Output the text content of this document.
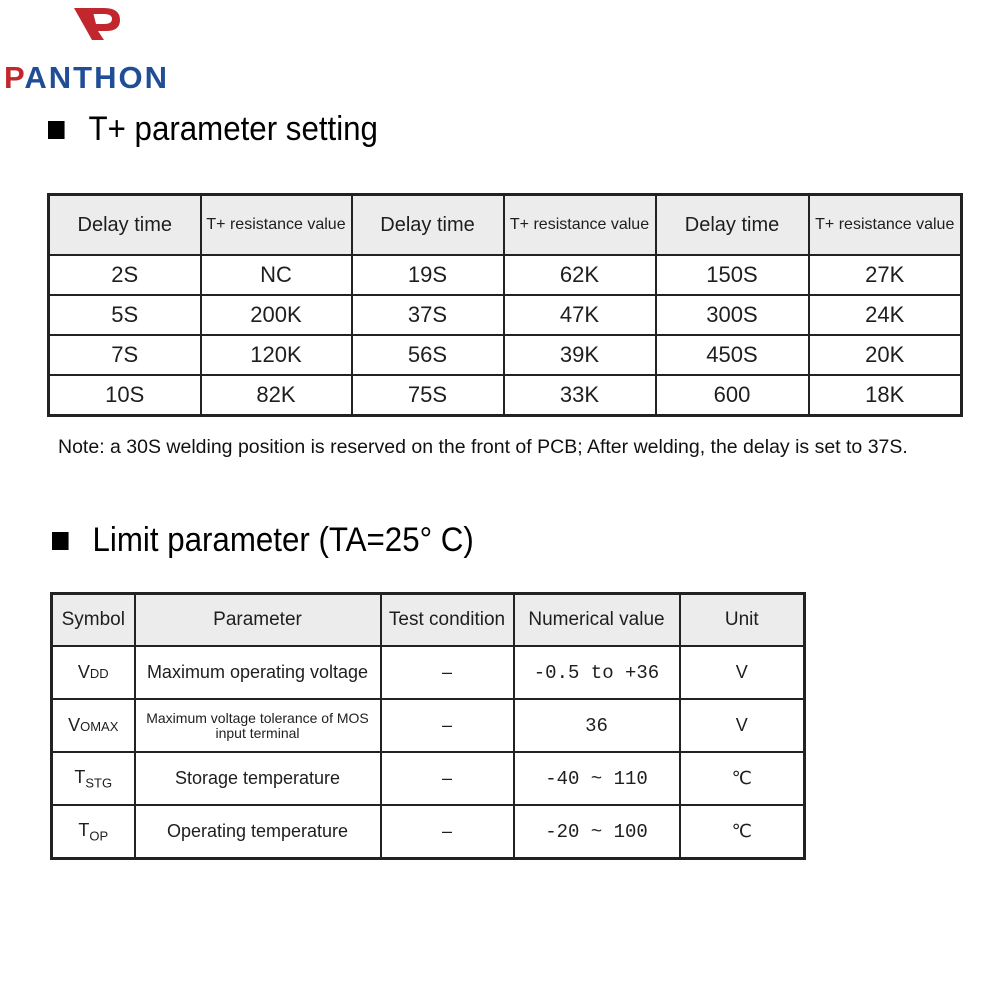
PANTHON
T+ parameter setting
Delay time	T+ resistance value	Delay time	T+ resistance value	Delay time	T+ resistance value
2S	NC	19S	62K	150S	27K
5S	200K	37S	47K	300S	24K
7S	120K	56S	39K	450S	20K
10S	82K	75S	33K	600	18K
Note: a 30S welding position is reserved on the front of PCB; After welding, the delay is set to 37S.
Limit parameter (TA=25° C)
Symbol	Parameter	Test condition	Numerical value	Unit
VDD	Maximum operating voltage	–	-0.5 to +36	V
VOMAX	Maximum voltage tolerance of MOS input terminal	–	36	V
$T_{STG}$	Storage temperature	–	-40 ~ 110	℃
$T_{OP}$	Operating temperature	–	-20 ~ 100	℃
